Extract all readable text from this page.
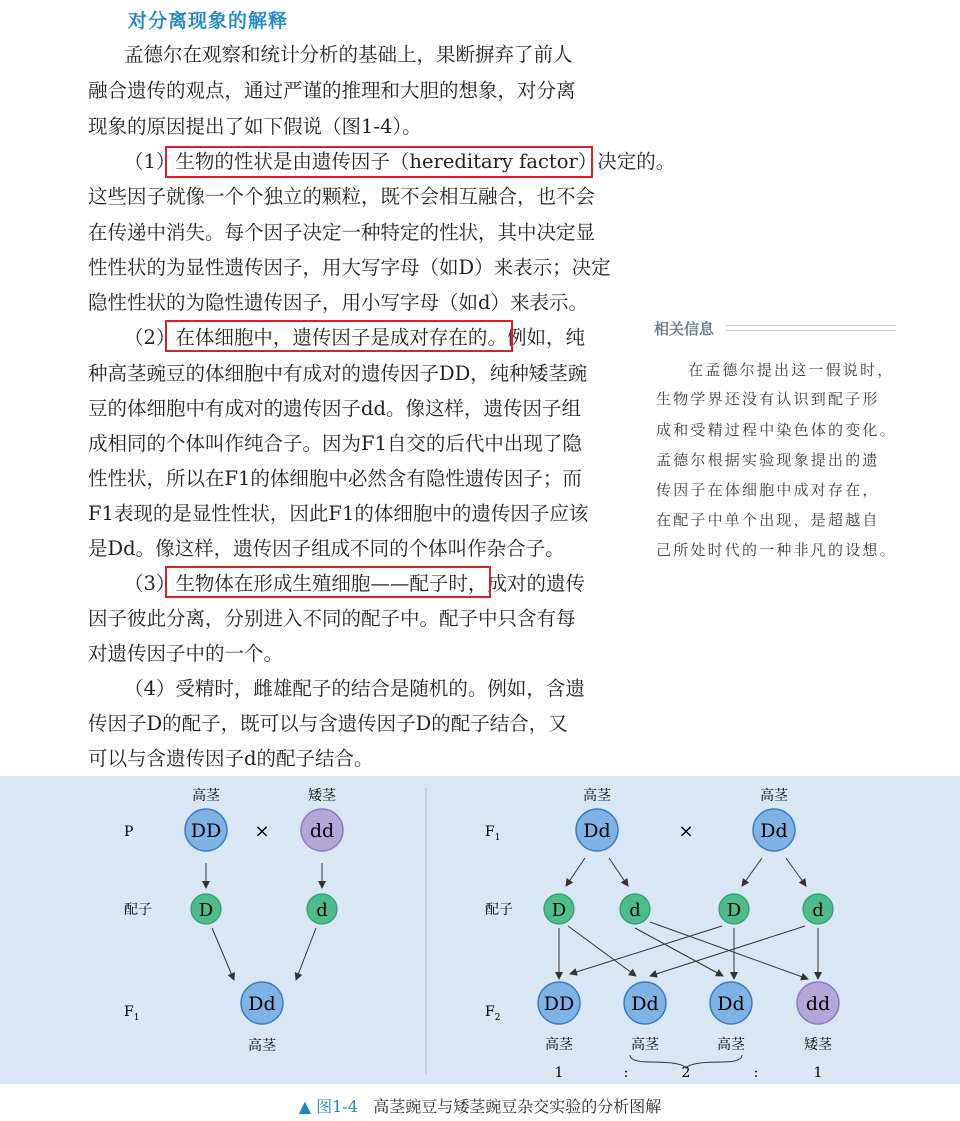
对分离现象的解释
孟德尔在观察和统计分析的基础上，果断摒弃了前人
融合遗传的观点，通过严谨的推理和大胆的想象，对分离
现象的原因提出了如下假说（图1-4）。
（1）生物的性状是由遗传因子（hereditary factor）决定的。
这些因子就像一个个独立的颗粒，既不会相互融合，也不会
在传递中消失。每个因子决定一种特定的性状，其中决定显
性性状的为显性遗传因子，用大写字母（如D）来表示；决定
隐性性状的为隐性遗传因子，用小写字母（如d）来表示。
（2）在体细胞中，遗传因子是成对存在的。例如，纯
种高茎豌豆的体细胞中有成对的遗传因子DD，纯种矮茎豌
豆的体细胞中有成对的遗传因子dd。像这样，遗传因子组
成相同的个体叫作纯合子。因为F1自交的后代中出现了隐
性性状，所以在F1的体细胞中必然含有隐性遗传因子；而
F1表现的是显性性状，因此F1的体细胞中的遗传因子应该
是Dd。像这样，遗传因子组成不同的个体叫作杂合子。
（3）生物体在形成生殖细胞——配子时，成对的遗传
因子彼此分离，分别进入不同的配子中。配子中只含有每
对遗传因子中的一个。
（4）受精时，雌雄配子的结合是随机的。例如，含遗
传因子D的配子，既可以与含遗传因子D的配子结合，又
可以与含遗传因子d的配子结合。
相关信息
在孟德尔提出这一假说时，
生物学界还没有认识到配子形
成和受精过程中染色体的变化。
孟德尔根据实验现象提出的遗
传因子在体细胞中成对存在，
在配子中单个出现，是超越自
己所处时代的一种非凡的设想。
P
配子
$F_1$
高茎	矮茎
DD × dd
D	d
Dd
高茎
$F_1$
配子
$F_2$
高茎	高茎
Dd	×	Dd
D	d	D	d
DD	Dd	Dd	dd
高茎	高茎	高茎	矮茎
1	:	2	:	1
▲ 图1-4 高茎豌豆与矮茎豌豆杂交实验的分析图解
